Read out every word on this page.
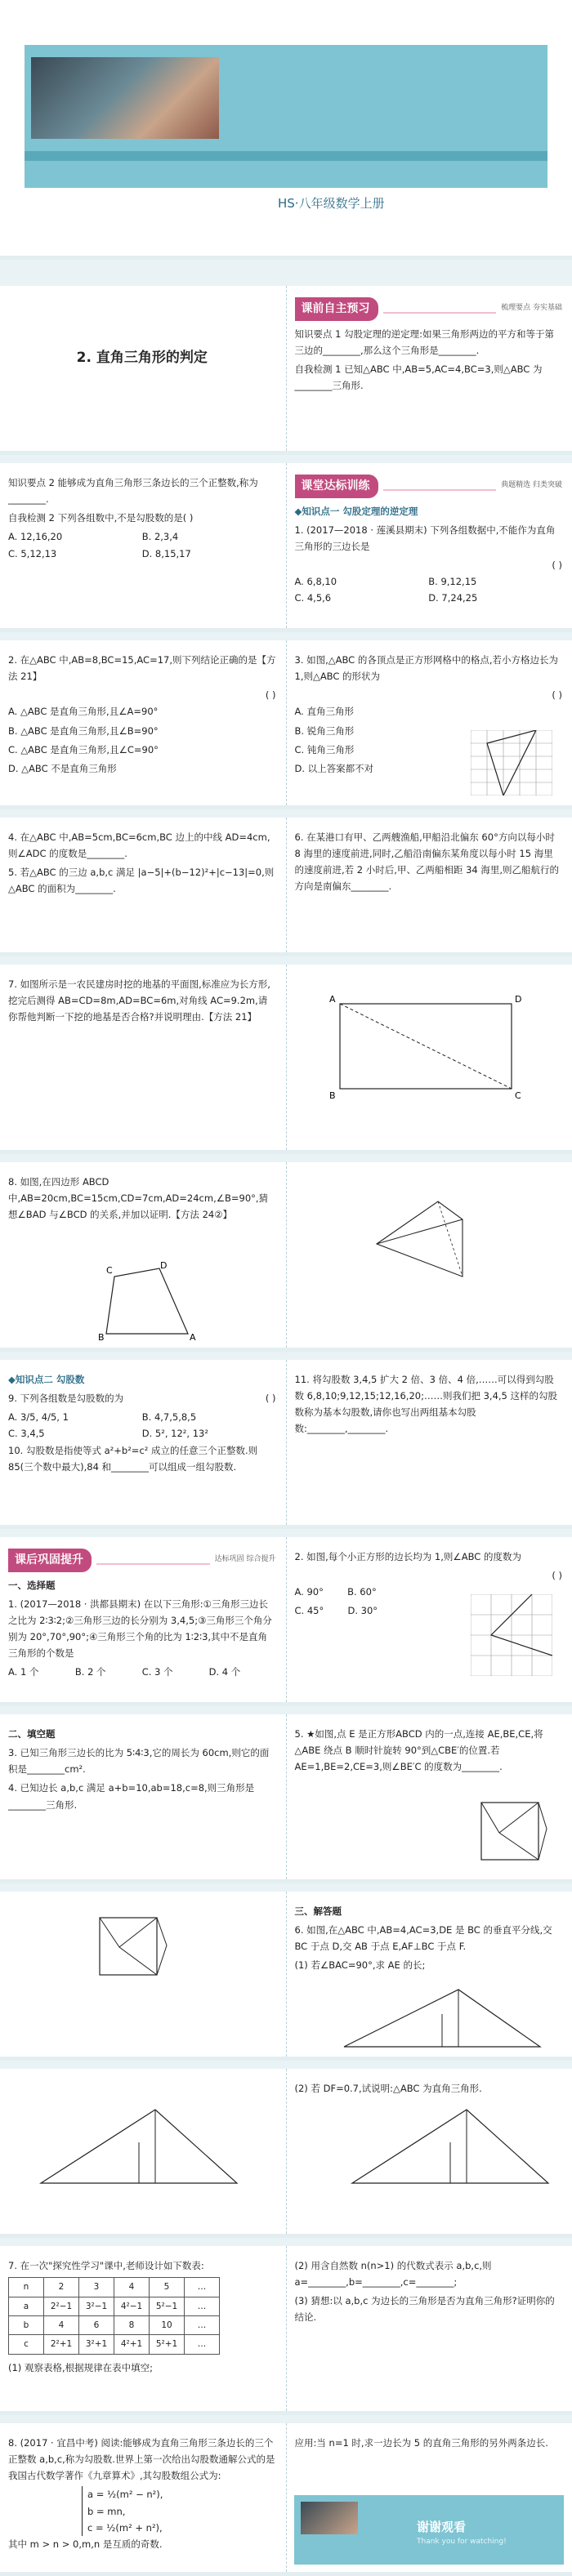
HS·八年级数学上册
2. 直角三角形的判定
课前自主预习	梳理要点 夯实基础

知识要点 1 勾股定理的逆定理:如果三角形两边的平方和等于第三边的________,那么这个三角形是________.

自我检测 1 已知△ABC 中,AB=5,AC=4,BC=3,则△ABC 为________三角形.

知识要点 2 能够成为直角三角形三条边长的三个正整数,称为________.

自我检测 2 下列各组数中,不是勾股数的是( )

A. 12,16,20	B. 2,3,4
C. 5,12,13	D. 8,15,17
课堂达标训练	典题精选 归类突破

◆知识点一 勾股定理的逆定理

1. (2017—2018 · 莲溪县期末) 下列各组数据中,不能作为直角三角形的三边长是

( )

A. 6,8,10	B. 9,12,15
C. 4,5,6	D. 7,24,25

2. 在△ABC 中,AB=8,BC=15,AC=17,则下列结论正确的是【方法 21】

( )

A. △ABC 是直角三角形,且∠A=90°

B. △ABC 是直角三角形,且∠B=90°

C. △ABC 是直角三角形,且∠C=90°

D. △ABC 不是直角三角形

3. 如图,△ABC 的各顶点是正方形网格中的格点,若小方格边长为 1,则△ABC 的形状为

( )

A. 直角三角形

B. 锐角三角形

C. 钝角三角形

D. 以上答案都不对

4. 在△ABC 中,AB=5cm,BC=6cm,BC 边上的中线 AD=4cm,则∠ADC 的度数是________.

5. 若△ABC 的三边 a,b,c 满足 |a−5|+(b−12)²+|c−13|=0,则△ABC 的面积为________.

6. 在某港口有甲、乙两艘渔船,甲船沿北偏东 60°方向以每小时 8 海里的速度前进,同时,乙船沿南偏东某角度以每小时 15 海里的速度前进,若 2 小时后,甲、乙两船相距 34 海里,则乙船航行的方向是南偏东________.

7. 如图所示是一农民建房时挖的地基的平面图,标准应为长方形,挖完后测得 AB=CD=8m,AD=BC=6m,对角线 AC=9.2m,请你帮他判断一下挖的地基是否合格?并说明理由.【方法 21】

A
B	C
D

8. 如图,在四边形 ABCD 中,AB=20cm,BC=15cm,CD=7cm,AD=24cm,∠B=90°,猜想∠BAD 与∠BCD 的关系,并加以证明.【方法 24②】

B
C	D
A

◆知识点二 勾股数

9. 下列各组数是勾股数的为	( )

A. 3/5, 4/5, 1	B. 4,7,5,8,5
C. 3,4,5	D. 5², 12², 13²

10. 勾股数是指使等式 a²+b²=c² 成立的任意三个正整数.则 85(三个数中最大),84 和________可以组成一组勾股数.

11. 将勾股数 3,4,5 扩大 2 倍、3 倍、4 倍,……可以得到勾股数 6,8,10;9,12,15;12,16,20;……则我们把 3,4,5 这样的勾股数称为基本勾股数,请你也写出两组基本勾股数:________,________.

课后巩固提升	达标巩固 综合提升

一、选择题

1. (2017—2018 · 洪都县期末) 在以下三角形:①三角形三边长之比为 2∶3∶2;②三角形三边的长分别为 3,4,5;③三角形三个角分别为 20°,70°,90°;④三角形三个角的比为 1∶2∶3,其中不是直角三角形的个数是

A. 1 个	B. 2 个	C. 3 个	D. 4 个

2. 如图,每个小正方形的边长均为 1,则∠ABC 的度数为

( )

A. 90°	B. 60°

C. 45°	D. 30°

二、填空题

3. 已知三角形三边长的比为 5∶4∶3,它的周长为 60cm,则它的面积是________cm².

4. 已知边长 a,b,c 满足 a+b=10,ab=18,c=8,则三角形是________三角形.

5. ★如图,点 E 是正方形ABCD 内的一点,连接 AE,BE,CE,将△ABE 绕点 B 顺时针旋转 90°到△CBE′的位置.若AE=1,BE=2,CE=3,则∠BE′C 的度数为________.

三、解答题

6. 如图,在△ABC 中,AB=4,AC=3,DE 是 BC 的垂直平分线,交 BC 于点 D,交 AB 于点 E,AF⊥BC 于点 F.

(1) 若∠BAC=90°,求 AE 的长;

(2) 若 DF=0.7,试说明:△ABC 为直角三角形.

7. 在一次"探究性学习"课中,老师设计如下数表:

n	2	3	4	5	…
a	2²−1	3²−1	4²−1	5²−1	…
b	4	6	8	10	…
c	2²+1	3²+1	4²+1	5²+1	…

(1) 观察表格,根据规律在表中填空;

(2) 用含自然数 n(n>1) 的代数式表示 a,b,c,则 a=________,b=________,c=________;

(3) 猜想:以 a,b,c 为边长的三角形是否为直角三角形?证明你的结论.

8. (2017 · 宜昌中考) 阅读:能够成为直角三角形三条边长的三个正整数 a,b,c,称为勾股数.世界上第一次给出勾股数通解公式的是我国古代数学著作《九章算术》,其勾股数组公式为:

a = ½(m² − n²),
b = mn,
c = ½(m² + n²),

其中 m > n > 0,m,n 是互质的奇数.

应用:当 n=1 时,求一边长为 5 的直角三角形的另外两条边长.

谢谢观看
Thank you for watching!
